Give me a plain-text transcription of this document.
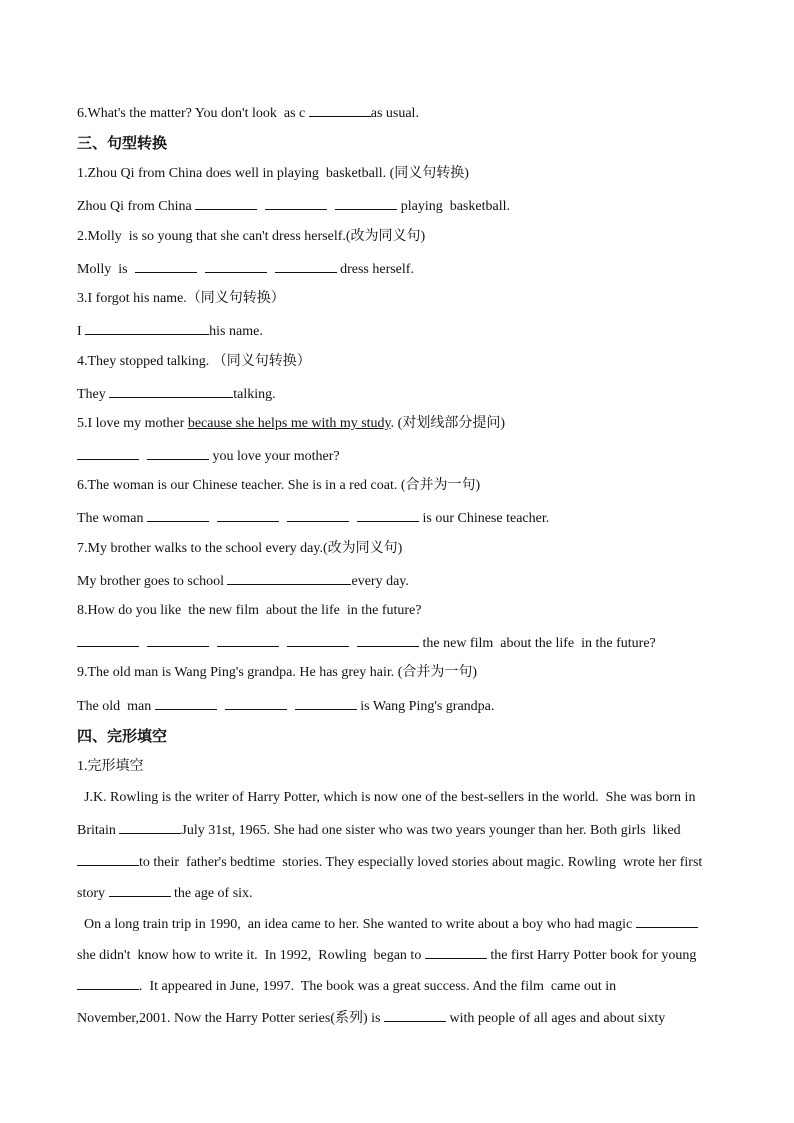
6.What's the matter? You don't look  as c	as usual.
三、句型转换
1.Zhou Qi from China does well in playing  basketball. (同义句转换)
Zhou Qi from China	playing  basketball.
2.Molly  is so young that she can't dress herself.(改为同义句)
Molly  is	dress herself.
3.I forgot his name.（同义句转换）
I	his name.
4.They stopped talking. （同义句转换）
They	talking.
5.I love my mother because she helps me with my study. (对划线部分提问)
you love your mother?
6.The woman is our Chinese teacher. She is in a red coat. (合并为一句)
The woman	is our Chinese teacher.
7.My brother walks to the school every day.(改为同义句)
My brother goes to school	every day.
8.How do you like  the new film  about the life  in the future?
the new film  about the life  in the future?
9.The old man is Wang Ping's grandpa. He has grey hair. (合并为一句)
The old  man	is Wang Ping's grandpa.
四、完形填空
1.完形填空
J.K. Rowling is the writer of Harry Potter, which is now one of the best-sellers in the world.  She was born in
Britain	July 31st, 1965. She had one sister who was two years younger than her. Both girls  liked
to their  father's bedtime  stories. They especially loved stories about magic. Rowling  wrote her first
story	the age of six.
On a long train trip in 1990,  an idea came to her. She wanted to write about a boy who had magic
she didn't  know how to write it.  In 1992,  Rowling  began to	the first Harry Potter book for young
.  It appeared in June, 1997.  The book was a great success. And the film  came out in
November,2001. Now the Harry Potter series(系列) is	with people of all ages and about sixty
